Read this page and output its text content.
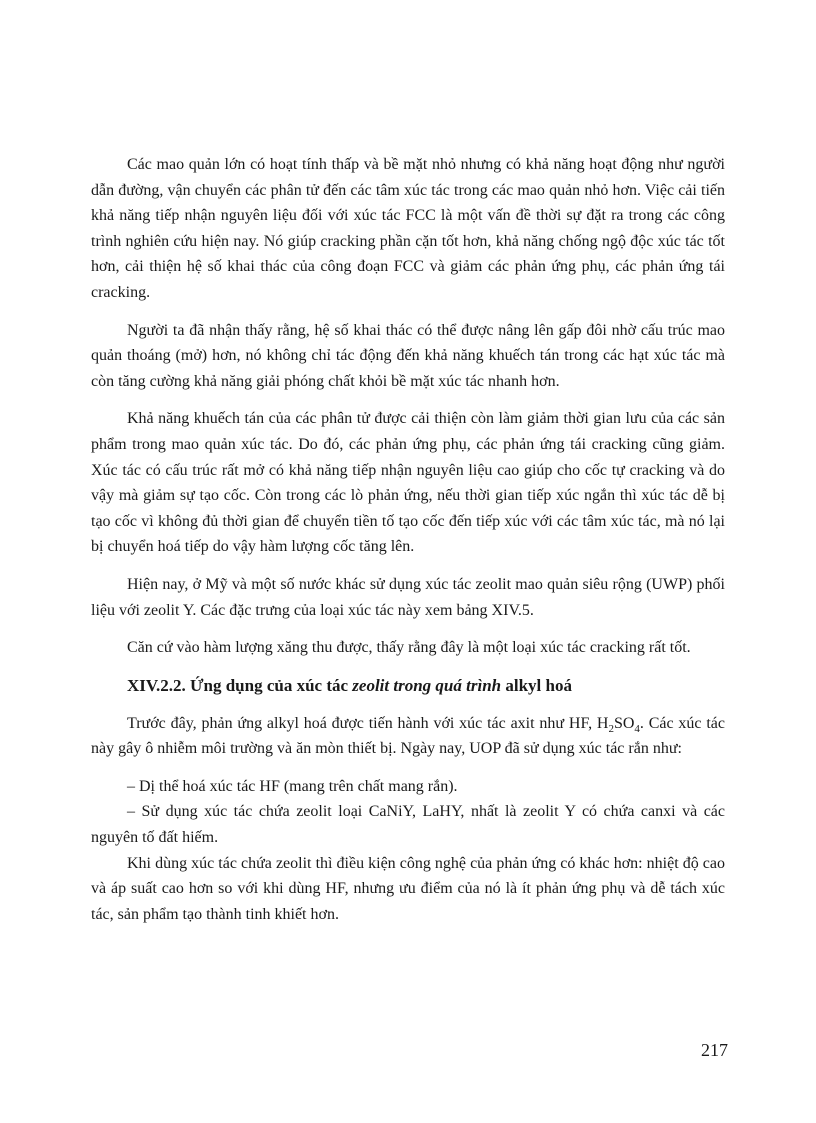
Các mao quản lớn có hoạt tính thấp và bề mặt nhỏ nhưng có khả năng hoạt động như người dẫn đường, vận chuyển các phân tử đến các tâm xúc tác trong các mao quản nhỏ hơn. Việc cải tiến khả năng tiếp nhận nguyên liệu đối với xúc tác FCC là một vấn đề thời sự đặt ra trong các công trình nghiên cứu hiện nay. Nó giúp cracking phần cặn tốt hơn, khả năng chống ngộ độc xúc tác tốt hơn, cải thiện hệ số khai thác của công đoạn FCC và giảm các phản ứng phụ, các phản ứng tái cracking.

Người ta đã nhận thấy rằng, hệ số khai thác có thể được nâng lên gấp đôi nhờ cấu trúc mao quản thoáng (mở) hơn, nó không chỉ tác động đến khả năng khuếch tán trong các hạt xúc tác mà còn tăng cường khả năng giải phóng chất khỏi bề mặt xúc tác nhanh hơn.

Khả năng khuếch tán của các phân tử được cải thiện còn làm giảm thời gian lưu của các sản phẩm trong mao quản xúc tác. Do đó, các phản ứng phụ, các phản ứng tái cracking cũng giảm. Xúc tác có cấu trúc rất mở có khả năng tiếp nhận nguyên liệu cao giúp cho cốc tự cracking và do vậy mà giảm sự tạo cốc. Còn trong các lò phản ứng, nếu thời gian tiếp xúc ngắn thì xúc tác dễ bị tạo cốc vì không đủ thời gian để chuyển tiền tố tạo cốc đến tiếp xúc với các tâm xúc tác, mà nó lại bị chuyển hoá tiếp do vậy hàm lượng cốc tăng lên.

Hiện nay, ở Mỹ và một số nước khác sử dụng xúc tác zeolit mao quản siêu rộng (UWP) phối liệu với zeolit Y. Các đặc trưng của loại xúc tác này xem bảng XIV.5.

Căn cứ vào hàm lượng xăng thu được, thấy rằng đây là một loại xúc tác cracking rất tốt.

XIV.2.2. Ứng dụng của xúc tác zeolit trong quá trình alkyl hoá

Trước đây, phản ứng alkyl hoá được tiến hành với xúc tác axit như HF, $H_2SO_4$. Các xúc tác này gây ô nhiễm môi trường và ăn mòn thiết bị. Ngày nay, UOP đã sử dụng xúc tác rắn như:

– Dị thể hoá xúc tác HF (mang trên chất mang rắn).

– Sử dụng xúc tác chứa zeolit loại CaNiY, LaHY, nhất là zeolit Y có chứa canxi và các nguyên tố đất hiếm.

Khi dùng xúc tác chứa zeolit thì điều kiện công nghệ của phản ứng có khác hơn: nhiệt độ cao và áp suất cao hơn so với khi dùng HF, nhưng ưu điểm của nó là ít phản ứng phụ và dễ tách xúc tác, sản phẩm tạo thành tinh khiết hơn.

217
